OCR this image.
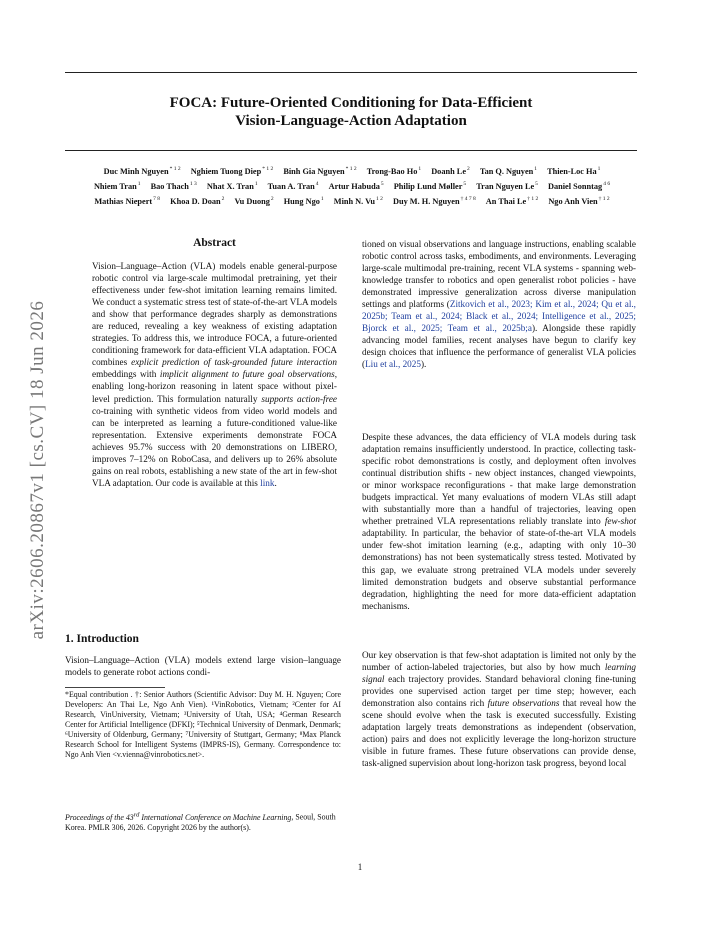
arXiv:2606.20867v1 [cs.CV] 18 Jun 2026
FOCA: Future-Oriented Conditioning for Data-Efficient
Vision-Language-Action Adaptation
Duc Minh Nguyen$^{* 1 2}$ Nghiem Tuong Diep$^{* 1 2}$ Binh Gia Nguyen$^{* 1 2}$ Trong-Bao Ho$^1$ Doanh Le$^2$ Tan Q. Nguyen$^1$ Thien-Loc Ha$^1$ Nhiem Tran$^1$ Bao Thach$^{1 3}$ Nhat X. Tran$^1$ Tuan A. Tran$^4$ Artur Habuda$^5$ Philip Lund Møller$^5$ Tran Nguyen Le$^5$ Daniel Sonntag$^{4 6}$ Mathias Niepert$^{7 8}$ Khoa D. Doan$^2$ Vu Duong$^2$ Hung Ngo$^1$ Minh N. $Vu^{1 2}$ Duy M. H. Nguyen$^{\dagger 4 7 8}$ An Thai $Le^{\dagger 1 2}$ Ngo Anh Vien$^{\dagger 1 2}$
Abstract

Vision–Language–Action (VLA) models enable general-purpose robotic control via large-scale multimodal pretraining, yet their effectiveness under few-shot imitation learning remains limited. We conduct a systematic stress test of state-of-the-art VLA models and show that performance degrades sharply as demonstrations are reduced, revealing a key weakness of existing adaptation strategies. To address this, we introduce FOCA, a future-oriented conditioning framework for data-efficient VLA adaptation. FOCA combines explicit prediction of task-grounded future interaction embeddings with implicit alignment to future goal observations, enabling long-horizon reasoning in latent space without pixel-level prediction. This formulation naturally supports action-free co-training with synthetic videos from video world models and can be interpreted as learning a future-conditioned value-like representation. Extensive experiments demonstrate FOCA achieves 95.7% success with 20 demonstrations on LIBERO, improves 7–12% on RoboCasa, and delivers up to 26% absolute gains on real robots, establishing a new state of the art in few-shot VLA adaptation. Our code is available at this link.

1. Introduction
Vision–Language–Action (VLA) models extend large vision–language models to generate robot actions condi-
*Equal contribution . †: Senior Authors (Scientific Advisor: Duy M. H. Nguyen; Core Developers: An Thai Le, Ngo Anh Vien). ¹VinRobotics, Vietnam; ²Center for AI Research, VinUniversity, Vietnam; ³University of Utah, USA; ⁴German Research Center for Artificial Intelligence (DFKI); ⁵Technical University of Denmark, Denmark; ⁶University of Oldenburg, Germany; ⁷University of Stuttgart, Germany; ⁸Max Planck Research School for Intelligent Systems (IMPRS-IS), Germany. Correspondence to: Ngo Anh Vien <v.vienna@vinrobotics.net>.
Proceedings of the 43rd International Conference on Machine Learning, Seoul, South Korea. PMLR 306, 2026. Copyright 2026 by the author(s).

tioned on visual observations and language instructions, enabling scalable robotic control across tasks, embodiments, and environments. Leveraging large-scale multimodal pre-training, recent VLA systems - spanning web-knowledge transfer to robotics and open generalist robot policies - have demonstrated impressive generalization across diverse manipulation settings and platforms (Zitkovich et al., 2023; Kim et al., 2024; Qu et al., 2025b; Team et al., 2024; Black et al., 2024; Intelligence et al., 2025; Bjorck et al., 2025; Team et al., 2025b;a). Alongside these rapidly advancing model families, recent analyses have begun to clarify key design choices that influence the performance of generalist VLA policies (Liu et al., 2025).

Despite these advances, the data efficiency of VLA models during task adaptation remains insufficiently understood. In practice, collecting task-specific robot demonstrations is costly, and deployment often involves continual distribution shifts - new object instances, changed viewpoints, or minor workspace reconfigurations - that make large demonstration budgets impractical. Yet many evaluations of modern VLAs still adapt with substantially more than a handful of trajectories, leaving open whether pretrained VLA representations reliably translate into few-shot adaptability. In particular, the behavior of state-of-the-art VLA models under few-shot imitation learning (e.g., adapting with only 10–30 demonstrations) has not been systematically stress tested. Motivated by this gap, we evaluate strong pretrained VLA models under severely limited demonstration budgets and observe substantial performance degradation, highlighting the need for more data-efficient adaptation mechanisms.

Our key observation is that few-shot adaptation is limited not only by the number of action-labeled trajectories, but also by how much learning signal each trajectory provides. Standard behavioral cloning fine-tuning provides one supervised action target per time step; however, each demonstration also contains rich future observations that reveal how the scene should evolve when the task is executed successfully. Existing adaptation largely treats demonstrations as independent (observation, action) pairs and does not explicitly leverage the long-horizon structure visible in future frames. These future observations can provide dense, task-aligned supervision about long-horizon task progress, beyond local

1
